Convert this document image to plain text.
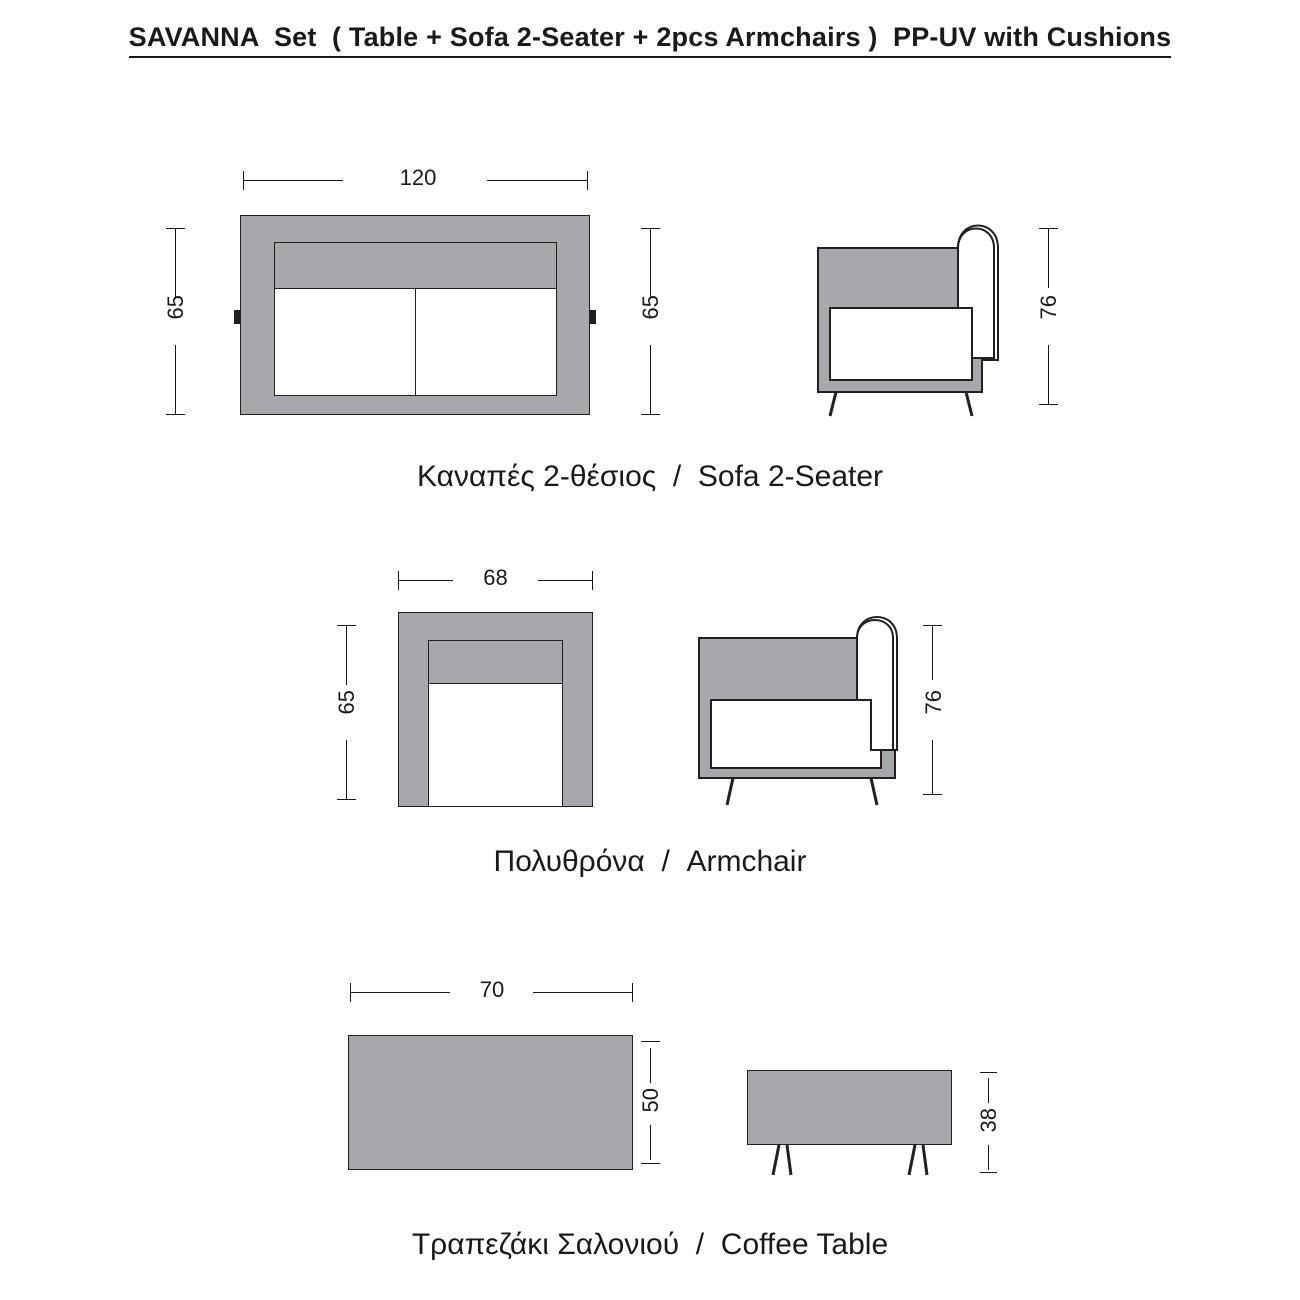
SAVANNA  Set  ( Table + Sofa 2-Seater + 2pcs Armchairs )  PP-UV with Cushions
120
65	65	76
Καναπές 2-θέσιος  /  Sofa 2-Seater
68
65	76
Πολυθρόνα  /  Armchair
70
50
38
Τραπεζάκι Σαλονιού  /  Coffee Table
